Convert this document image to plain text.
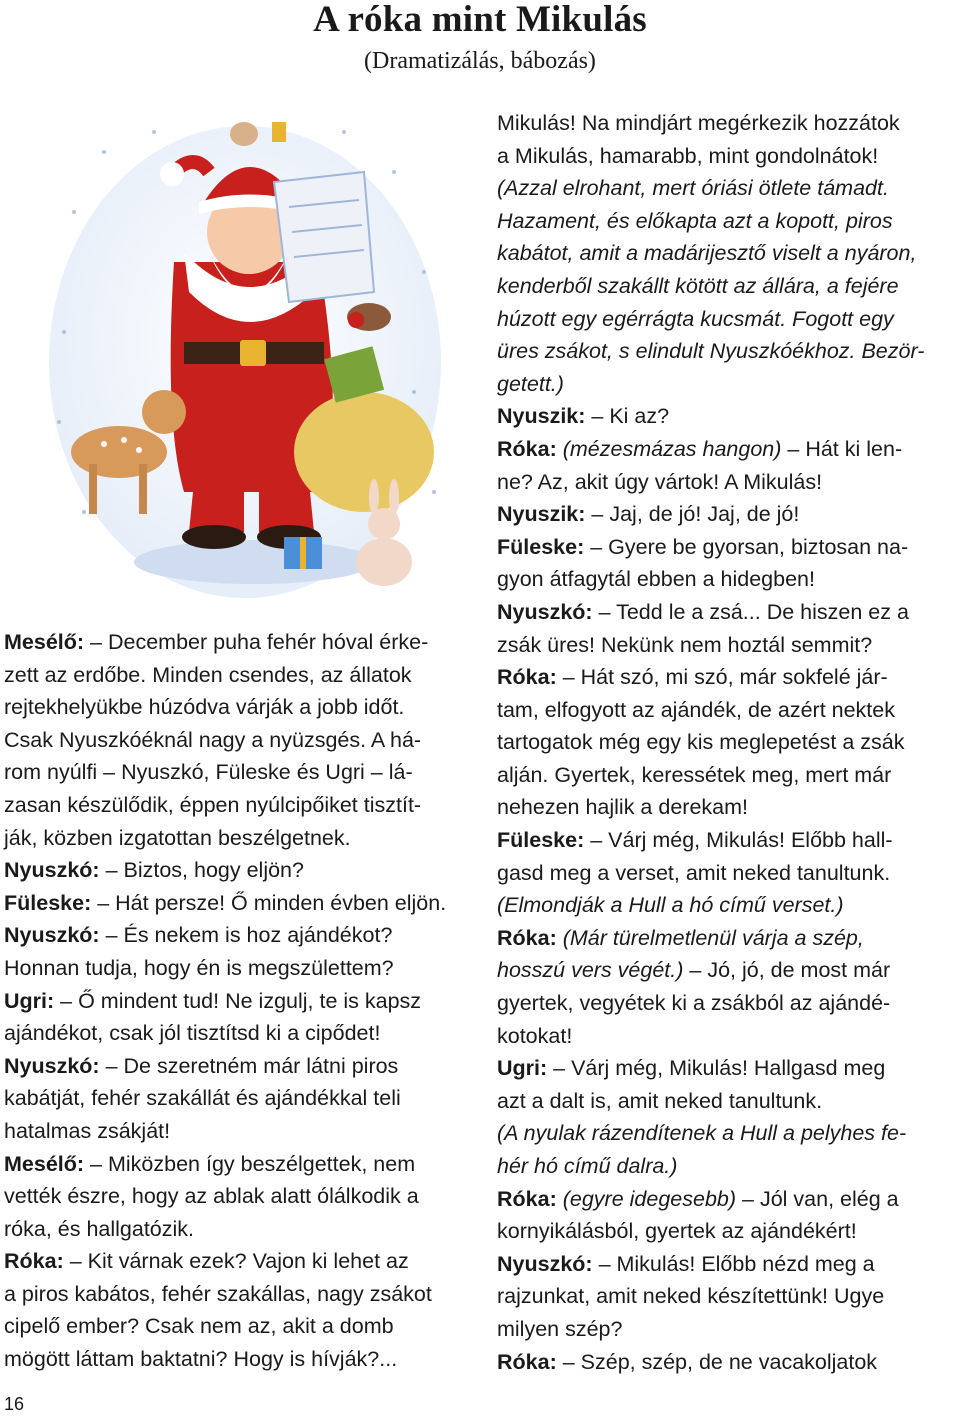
A róka mint Mikulás
(Dramatizálás, bábozás)

Mesélő: – December puha fehér hóval érke-
zett az erdőbe. Minden csendes, az állatok
rejtekhelyükbe húzódva várják a jobb időt.
Csak Nyuszkóéknál nagy a nyüzsgés. A há-
rom nyúlfi – Nyuszkó, Füleske és Ugri – lá-
zasan készülődik, éppen nyúlcipőiket tisztít-
ják, közben izgatottan beszélgetnek.

Nyuszkó: – Biztos, hogy eljön?

Füleske: – Hát persze! Ő minden évben eljön.

Nyuszkó: – És nekem is hoz ajándékot?
Honnan tudja, hogy én is megszülettem?

Ugri: – Ő mindent tud! Ne izgulj, te is kapsz
ajándékot, csak jól tisztítsd ki a cipődet!

Nyuszkó: – De szeretném már látni piros
kabátját, fehér szakállát és ajándékkal teli
hatalmas zsákját!

Mesélő: – Miközben így beszélgettek, nem
vették észre, hogy az ablak alatt ólálkodik a
róka, és hallgatózik.

Róka: – Kit várnak ezek? Vajon ki lehet az
a piros kabátos, fehér szakállas, nagy zsákot
cipelő ember? Csak nem az, akit a domb
mögött láttam baktatni? Hogy is hívják?...

Mikulás! Na mindjárt megérkezik hozzátok
a Mikulás, hamarabb, mint gondolnátok!

(Azzal elrohant, mert óriási ötlete támadt.
Hazament, és előkapta azt a kopott, piros
kabátot, amit a madárijesztő viselt a nyáron,
kenderből szakállt kötött az állára, a fejére
húzott egy egérrágta kucsmát. Fogott egy
üres zsákot, s elindult Nyuszkóékhoz. Bezör-
getett.)

Nyuszik: – Ki az?

Róka: (mézesmázas hangon) – Hát ki len-
ne? Az, akit úgy vártok! A Mikulás!

Nyuszik: – Jaj, de jó! Jaj, de jó!

Füleske: – Gyere be gyorsan, biztosan na-
gyon átfagytál ebben a hidegben!

Nyuszkó: – Tedd le a zsá... De hiszen ez a
zsák üres! Nekünk nem hoztál semmit?

Róka: – Hát szó, mi szó, már sokfelé jár-
tam, elfogyott az ajándék, de azért nektek
tartogatok még egy kis meglepetést a zsák
alján. Gyertek, keressétek meg, mert már
nehezen hajlik a derekam!

Füleske: – Várj még, Mikulás! Előbb hall-
gasd meg a verset, amit neked tanultunk.

(Elmondják a Hull a hó című verset.)

Róka: (Már türelmetlenül várja a szép,
hosszú vers végét.) – Jó, jó, de most már
gyertek, vegyétek ki a zsákból az ajándé-
kotokat!

Ugri: – Várj még, Mikulás! Hallgasd meg
azt a dalt is, amit neked tanultunk.

(A nyulak rázendítenek a Hull a pelyhes fe-
hér hó című dalra.)

Róka: (egyre idegesebb) – Jól van, elég a
kornyikálásból, gyertek az ajándékért!

Nyuszkó: – Mikulás! Előbb nézd meg a
rajzunkat, amit neked készítettünk! Ugye
milyen szép?

Róka: – Szép, szép, de ne vacakoljatok

16
